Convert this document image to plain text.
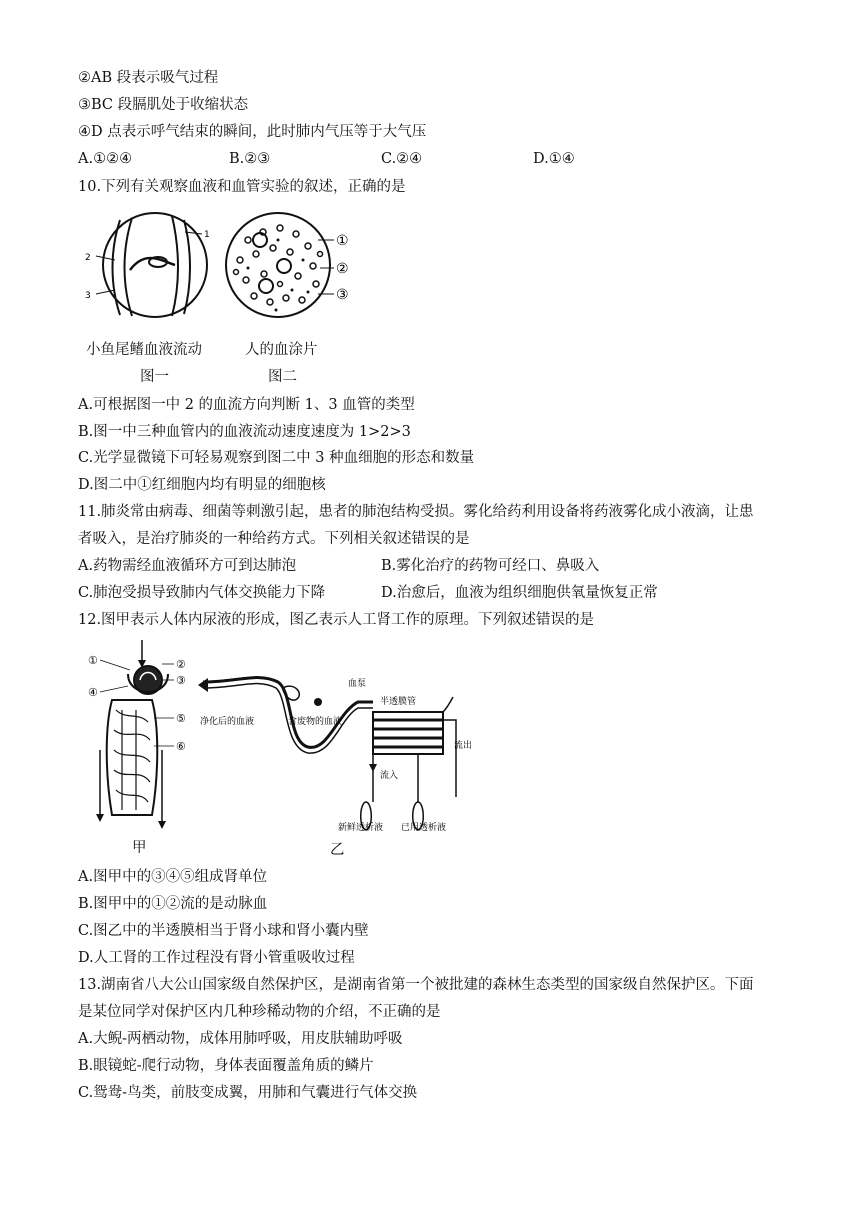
②AB 段表示吸气过程
③BC 段膈肌处于收缩状态
④D 点表示呼气结束的瞬间，此时肺内气压等于大气压
A.①②④	B.②③	C.②④	D.①④
10.下列有关观察血液和血管实验的叙述，正确的是
1
2
3
①
②
③
小鱼尾鳍血液流动	人的血涂片
图一	图二
A.可根据图一中 2 的血流方向判断 1、3 血管的类型
B.图一中三种血管内的血液流动速度速度为 1>2>3
C.光学显微镜下可轻易观察到图二中 3 种血细胞的形态和数量
D.图二中①红细胞内均有明显的细胞核
11.肺炎常由病毒、细菌等刺激引起，患者的肺泡结构受损。雾化给药利用设备将药液雾化成小液滴，让患
者吸入，是治疗肺炎的一种给药方式。下列相关叙述错误的是
A.药物需经血液循环方可到达肺泡	B.雾化治疗的药物可经口、鼻吸入
C.肺泡受损导致肺内气体交换能力下降	D.治愈后，血液为组织细胞供氧量恢复正常
12.图甲表示人体内尿液的形成，图乙表示人工肾工作的原理。下列叙述错误的是
①	②
③
④
⑤
⑥
血泵
半透膜管
净化后的血液	含废物的血液
流入
流出
新鲜透析液 已用透析液
甲	乙
A.图甲中的③④⑤组成肾单位
B.图甲中的①②流的是动脉血
C.图乙中的半透膜相当于肾小球和肾小囊内壁
D.人工肾的工作过程没有肾小管重吸收过程
13.湖南省八大公山国家级自然保护区，是湖南省第一个被批建的森林生态类型的国家级自然保护区。下面
是某位同学对保护区内几种珍稀动物的介绍，不正确的是
A.大鲵-两栖动物，成体用肺呼吸，用皮肤辅助呼吸
B.眼镜蛇-爬行动物，身体表面覆盖角质的鳞片
C.鸳鸯-鸟类，前肢变成翼，用肺和气囊进行气体交换
